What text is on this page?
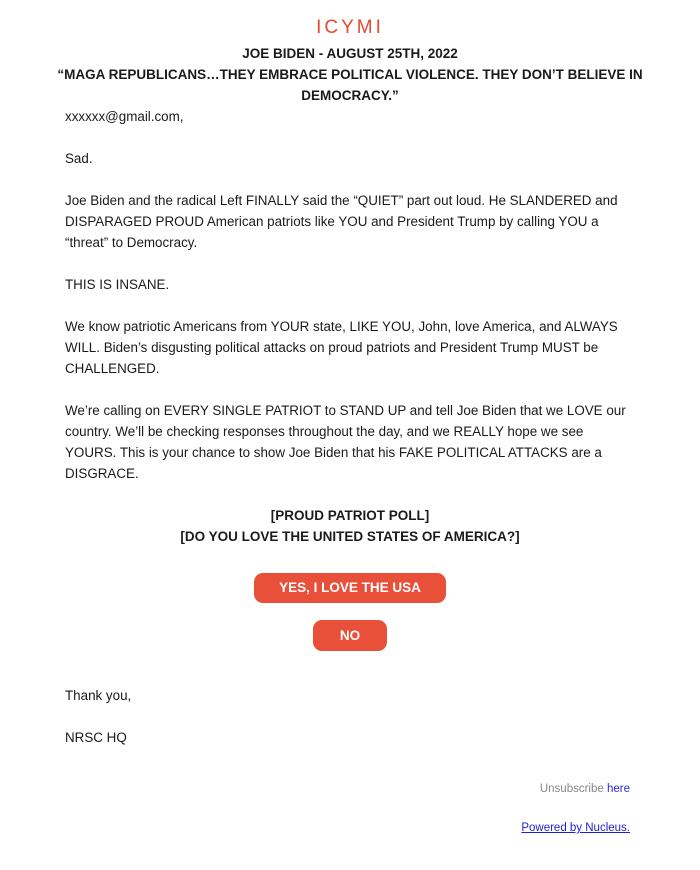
ICYMI
JOE BIDEN - AUGUST 25TH, 2022
“MAGA REPUBLICANS…THEY EMBRACE POLITICAL VIOLENCE. THEY DON’T BELIEVE IN DEMOCRACY.”

xxxxxx@gmail.com,

Sad.

Joe Biden and the radical Left FINALLY said the “QUIET” part out loud. He SLANDERED and DISPARAGED PROUD American patriots like YOU and President Trump by calling YOU a “threat” to Democracy.

THIS IS INSANE.

We know patriotic Americans from YOUR state, LIKE YOU, John, love America, and ALWAYS WILL. Biden’s disgusting political attacks on proud patriots and President Trump MUST be CHALLENGED.

We’re calling on EVERY SINGLE PATRIOT to STAND UP and tell Joe Biden that we LOVE our country. We’ll be checking responses throughout the day, and we REALLY hope we see YOURS. This is your chance to show Joe Biden that his FAKE POLITICAL ATTACKS are a DISGRACE.

[PROUD PATRIOT POLL]
[DO YOU LOVE THE UNITED STATES OF AMERICA?]
YES, I LOVE THE USA
NO

Thank you,

NRSC HQ

Unsubscribe here
Powered by Nucleus.
